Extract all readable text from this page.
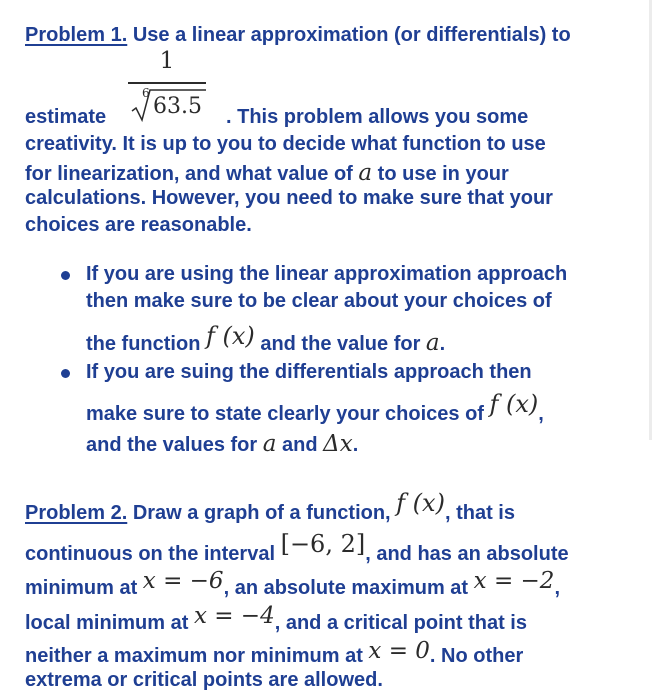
Problem 1. Use a linear approximation (or differentials) to
1
6
63.5
estimate	. This problem allows you some
creativity. It is up to you to decide what function to use
for linearization, and what value of a to use in your
calculations. However, you need to make sure that your
choices are reasonable.
If you are using the linear approximation approach
then make sure to be clear about your choices of
the function f (x) and the value for a.
If you are suing the differentials approach then
make sure to state clearly your choices of f (x),
and the values for a and Δx.
Problem 2. Draw a graph of a function, f (x), that is
continuous on the interval [−6, 2], and has an absolute
minimum at x = −6, an absolute maximum at x = −2,
local minimum at x = −4, and a critical point that is
neither a maximum nor minimum at x = 0. No other
extrema or critical points are allowed.
